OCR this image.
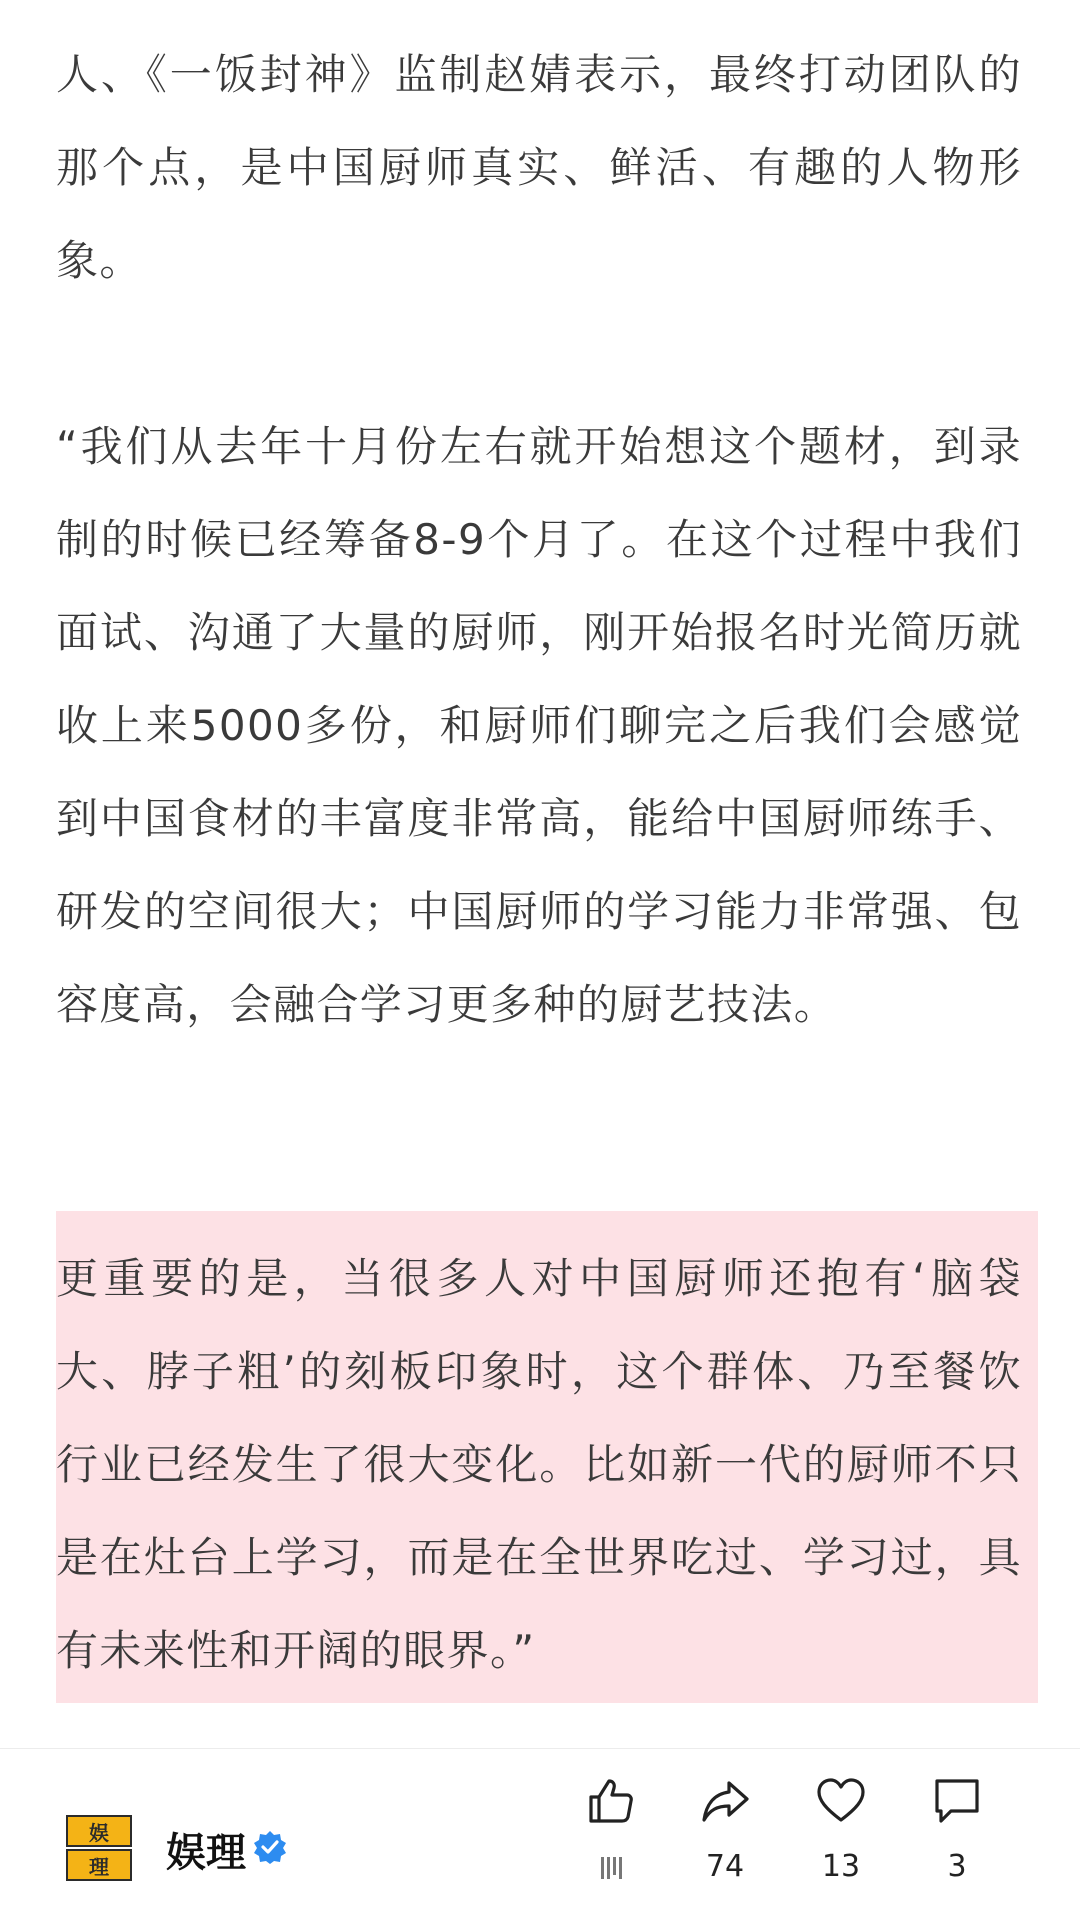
人、《一饭封神》监制赵婧表示，最终打动团队的那个点，是中国厨师真实、鲜活、有趣的人物形象。

“我们从去年十月份左右就开始想这个题材，到录制的时候已经筹备8-9个月了。在这个过程中我们面试、沟通了大量的厨师，刚开始报名时光简历就收上来5000多份，和厨师们聊完之后我们会感觉到中国食材的丰富度非常高，能给中国厨师练手、研发的空间很大；中国厨师的学习能力非常强、包容度高，会融合学习更多种的厨艺技法。

更重要的是，当很多人对中国厨师还抱有‘脑袋大、脖子粗’的刻板印象时，这个群体、乃至餐饮行业已经发生了很大变化。比如新一代的厨师不只是在灶台上学习，而是在全世界吃过、学习过，具有未来性和开阔的眼界。”

娱
理 娱理	74	13	3
